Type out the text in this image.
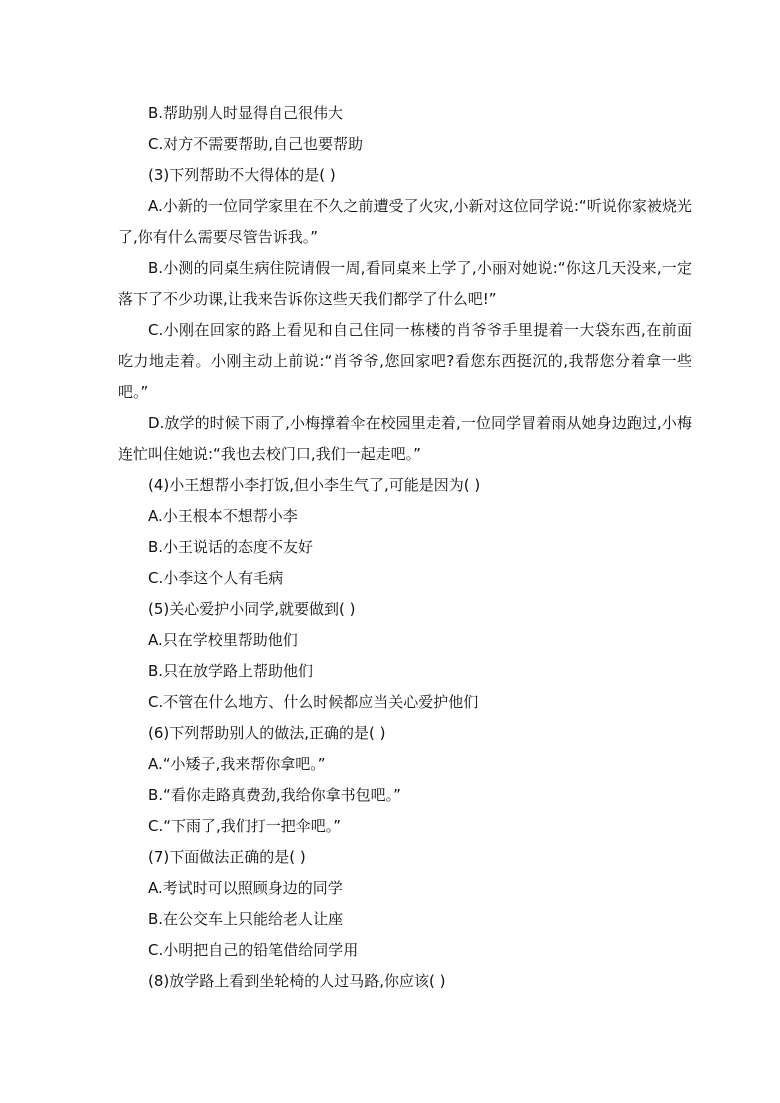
B.帮助别人时显得自己很伟大
C.对方不需要帮助,自己也要帮助
(3)下列帮助不大得体的是( )
A.小新的一位同学家里在不久之前遭受了火灾,小新对这位同学说:“听说你家被烧光了,你有什么需要尽管告诉我。”
B.小测的同桌生病住院请假一周,看同桌来上学了,小丽对她说:“你这几天没来,一定落下了不少功课,让我来告诉你这些天我们都学了什么吧!”
C.小刚在回家的路上看见和自己住同一栋楼的肖爷爷手里提着一大袋东西,在前面吃力地走着。小刚主动上前说:“肖爷爷,您回家吧?看您东西挺沉的,我帮您分着拿一些吧。”
D.放学的时候下雨了,小梅撑着伞在校园里走着,一位同学冒着雨从她身边跑过,小梅连忙叫住她说:“我也去校门口,我们一起走吧。”
(4)小王想帮小李打饭,但小李生气了,可能是因为( )
A.小王根本不想帮小李
B.小王说话的态度不友好
C.小李这个人有毛病
(5)关心爱护小同学,就要做到( )
A.只在学校里帮助他们
B.只在放学路上帮助他们
C.不管在什么地方、什么时候都应当关心爱护他们
(6)下列帮助别人的做法,正确的是( )
A.“小矮子,我来帮你拿吧。”
B.“看你走路真费劲,我给你拿书包吧。”
C.“下雨了,我们打一把伞吧。”
(7)下面做法正确的是( )
A.考试时可以照顾身边的同学
B.在公交车上只能给老人让座
C.小明把自己的铅笔借给同学用
(8)放学路上看到坐轮椅的人过马路,你应该( )
